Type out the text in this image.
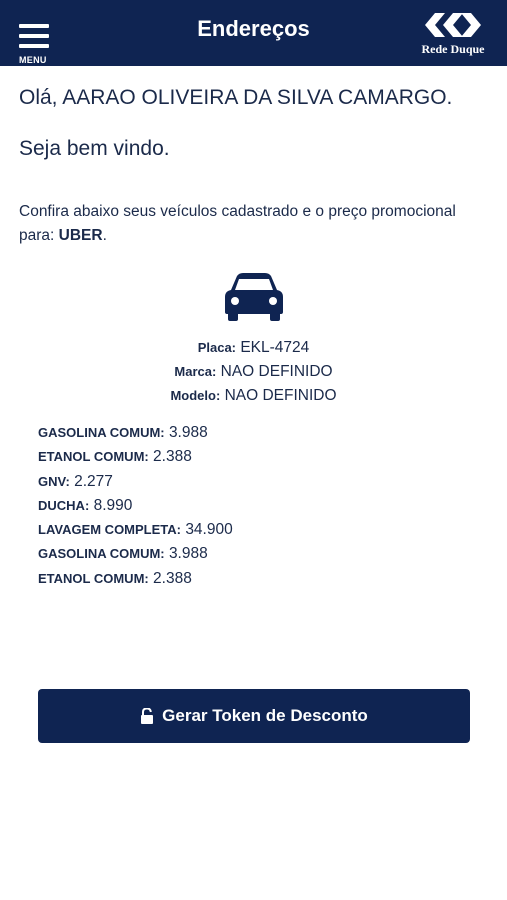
MENU
Endereços
Rede Duque
Olá, AARAO OLIVEIRA DA SILVA CAMARGO.
Seja bem vindo.
Confira abaixo seus veículos cadastrado e o preço promocional para: UBER.
Placa: EKL-4724
Marca: NAO DEFINIDO
Modelo: NAO DEFINIDO
GASOLINA COMUM: 3.988
ETANOL COMUM: 2.388
GNV: 2.277
DUCHA: 8.990
LAVAGEM COMPLETA: 34.900
GASOLINA COMUM: 3.988
ETANOL COMUM: 2.388
Gerar Token de Desconto
